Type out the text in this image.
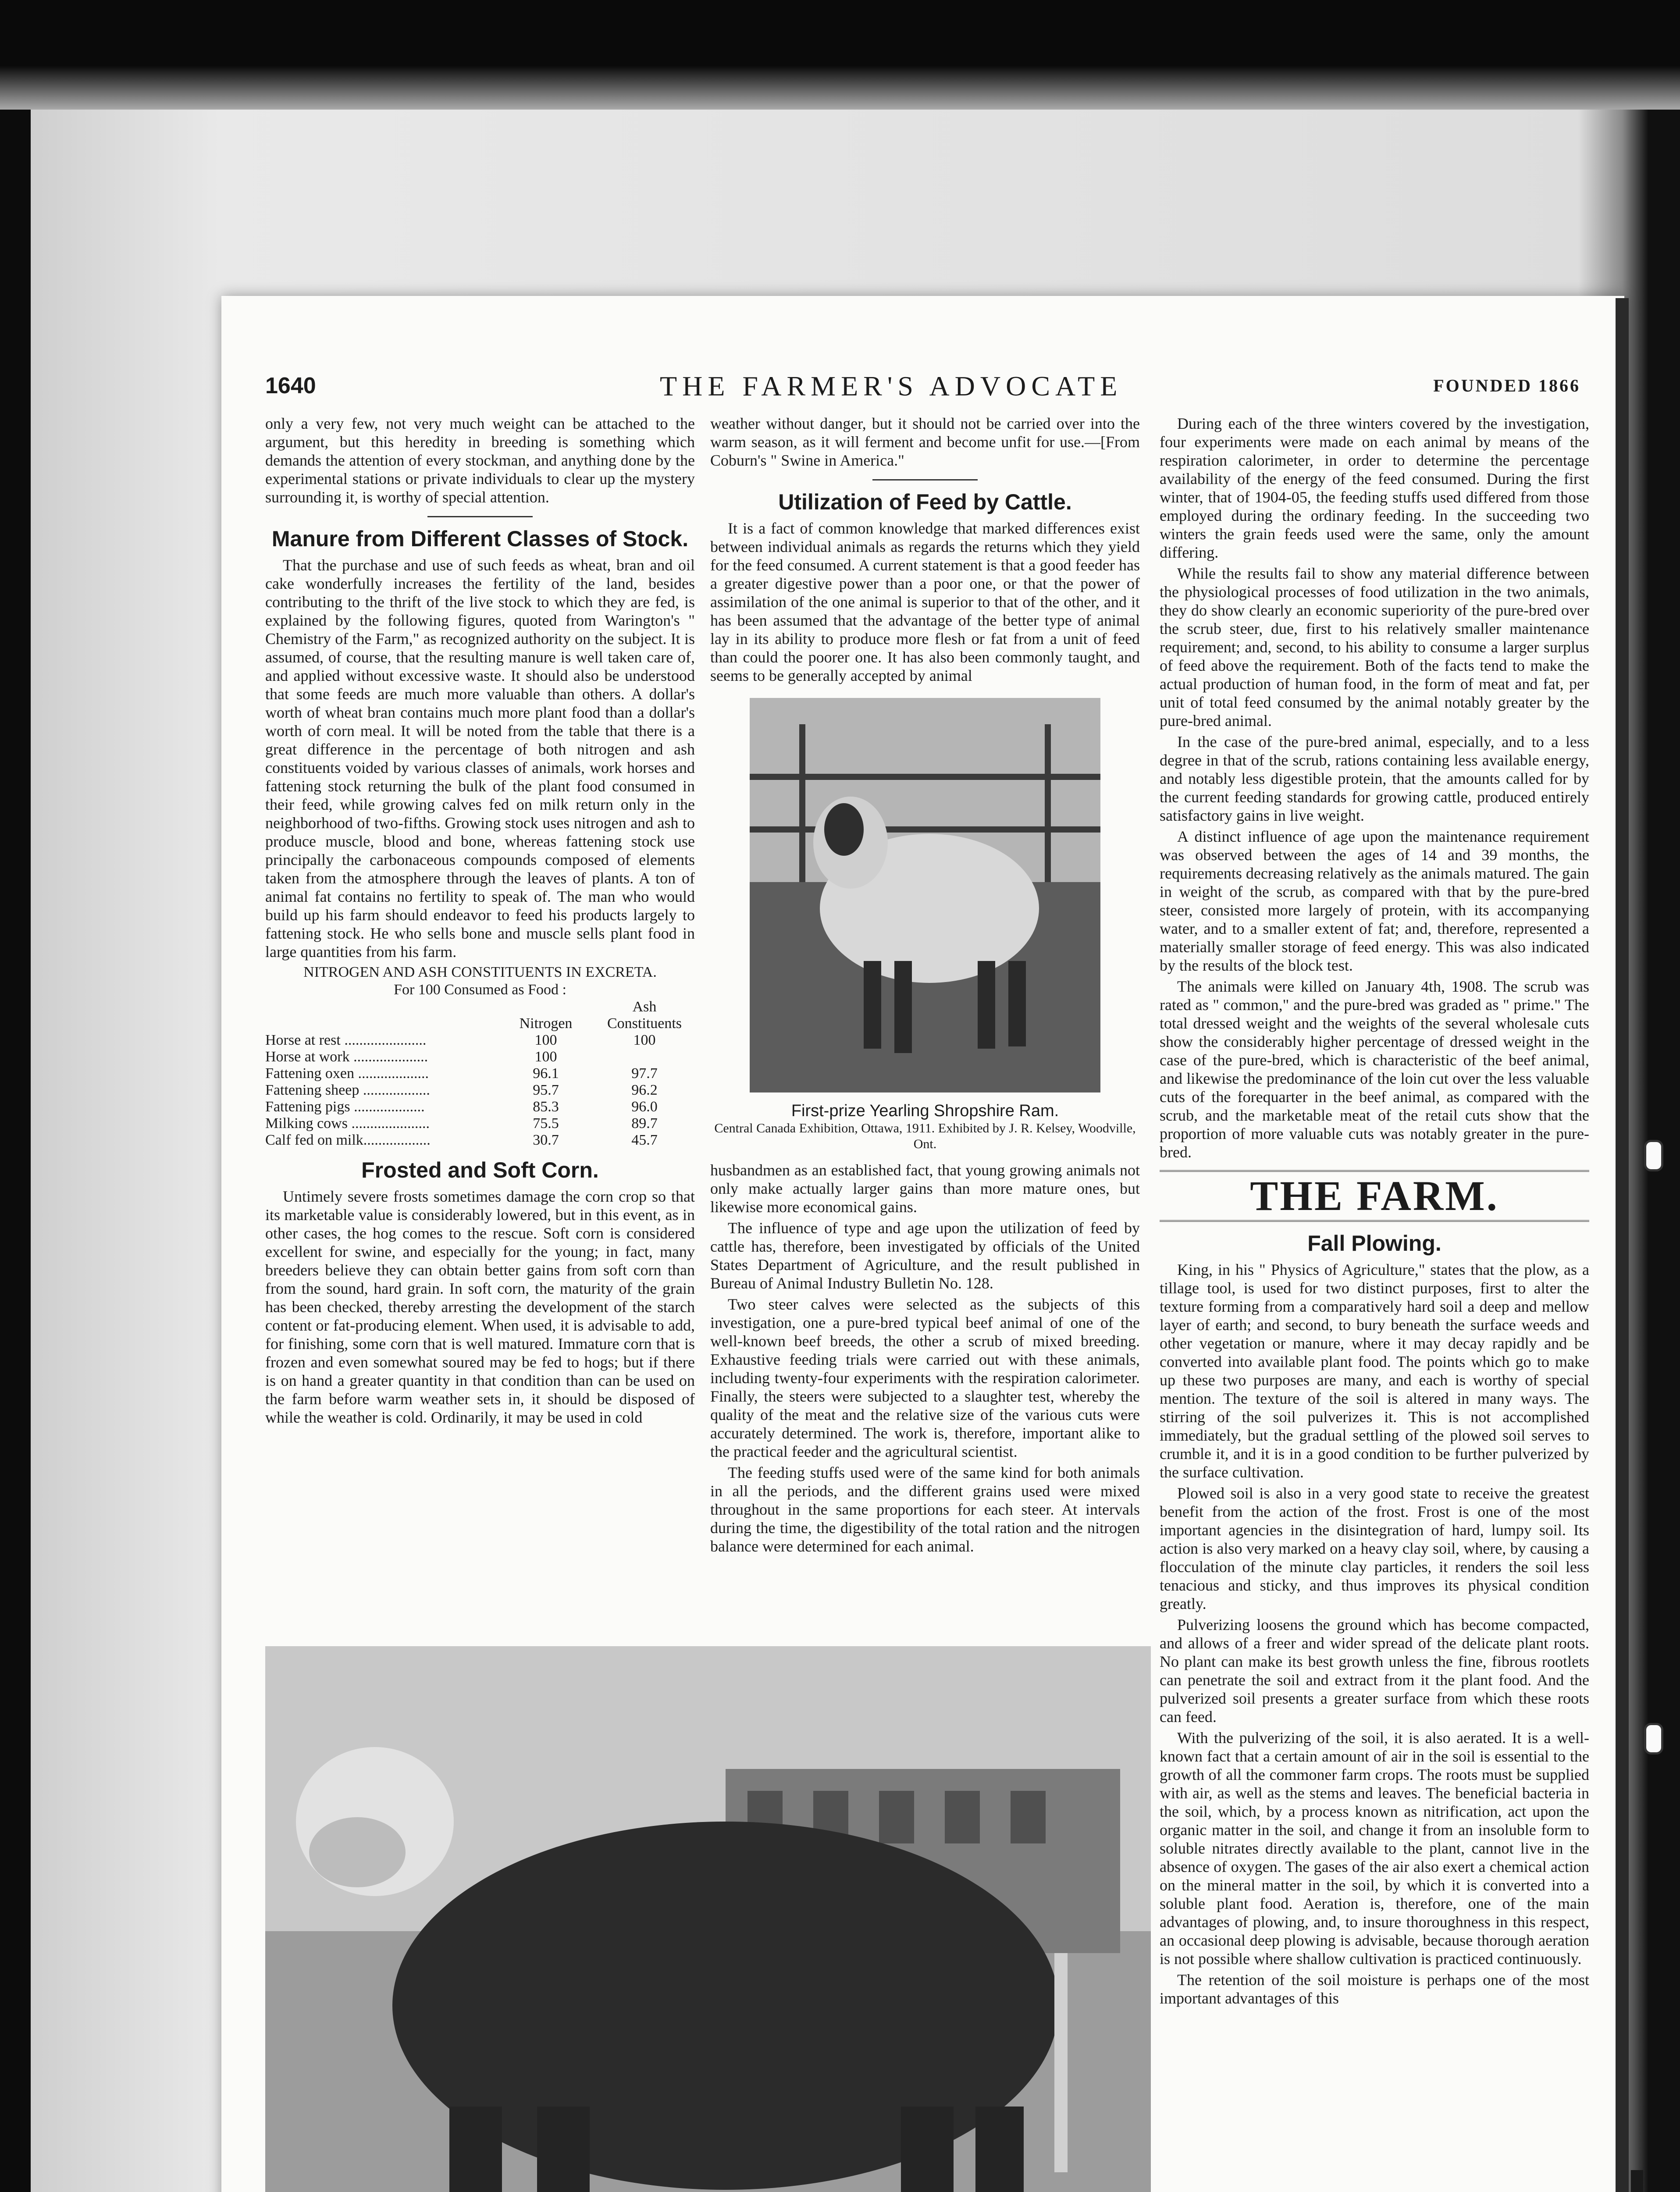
1640	THE FARMER'S ADVOCATE	FOUNDED 1866

only a very few, not very much weight can be attached to the argument, but this heredity in breeding is something which demands the attention of every stockman, and anything done by the experimental stations or private individuals to clear up the mystery surrounding it, is worthy of special attention.

Manure from Different Classes of Stock.

That the purchase and use of such feeds as wheat, bran and oil cake wonderfully increases the fertility of the land, besides contributing to the thrift of the live stock to which they are fed, is explained by the following figures, quoted from Warington's " Chemistry of the Farm," as recognized authority on the subject. It is assumed, of course, that the resulting manure is well taken care of, and applied without excessive waste. It should also be understood that some feeds are much more valuable than others. A dollar's worth of wheat bran contains much more plant food than a dollar's worth of corn meal. It will be noted from the table that there is a great difference in the percentage of both nitrogen and ash constituents voided by various classes of animals, work horses and fattening stock returning the bulk of the plant food consumed in their feed, while growing calves fed on milk return only in the neighborhood of two-fifths. Growing stock uses nitrogen and ash to produce muscle, blood and bone, whereas fattening stock use principally the carbonaceous compounds composed of elements taken from the atmosphere through the leaves of plants. A ton of animal fat contains no fertility to speak of. The man who would build up his farm should endeavor to feed his products largely to fattening stock. He who sells bone and muscle sells plant food in large quantities from his farm.

NITROGEN AND ASH CONSTITUENTS IN EXCRETA.
For 100 Consumed as Food :
		Ash
	Nitrogen	Constituents
Horse at rest ......................	100	100
Horse at work ....................	100	
Fattening oxen ...................	96.1	97.7
Fattening sheep ..................	95.7	96.2
Fattening pigs ...................	85.3	96.0
Milking cows .....................	75.5	89.7
Calf fed on milk..................	30.7	45.7
Frosted and Soft Corn.

Untimely severe frosts sometimes damage the corn crop so that its marketable value is considerably lowered, but in this event, as in other cases, the hog comes to the rescue. Soft corn is considered excellent for swine, and especially for the young; in fact, many breeders believe they can obtain better gains from soft corn than from the sound, hard grain. In soft corn, the maturity of the grain has been checked, thereby arresting the development of the starch content or fat-producing element. When used, it is advisable to add, for finishing, some corn that is well matured. Immature corn that is frozen and even somewhat soured may be fed to hogs; but if there is on hand a greater quantity in that condition than can be used on the farm before warm weather sets in, it should be disposed of while the weather is cold. Ordinarily, it may be used in cold

weather without danger, but it should not be carried over into the warm season, as it will ferment and become unfit for use.—[From Coburn's " Swine in America."

Utilization of Feed by Cattle.

It is a fact of common knowledge that marked differences exist between individual animals as regards the returns which they yield for the feed consumed. A current statement is that a good feeder has a greater digestive power than a poor one, or that the power of assimilation of the one animal is superior to that of the other, and it has been assumed that the advantage of the better type of animal lay in its ability to produce more flesh or fat from a unit of feed than could the poorer one. It has also been commonly taught, and seems to be generally accepted by animal

First-prize Yearling Shropshire Ram.
Central Canada Exhibition, Ottawa, 1911. Exhibited by J. R. Kelsey, Woodville, Ont.

husbandmen as an established fact, that young growing animals not only make actually larger gains than more mature ones, but likewise more economical gains.

The influence of type and age upon the utilization of feed by cattle has, therefore, been investigated by officials of the United States Department of Agriculture, and the result published in Bureau of Animal Industry Bulletin No. 128.

Two steer calves were selected as the subjects of this investigation, one a pure-bred typical beef animal of one of the well-known beef breeds, the other a scrub of mixed breeding. Exhaustive feeding trials were carried out with these animals, including twenty-four experiments with the respiration calorimeter. Finally, the steers were subjected to a slaughter test, whereby the quality of the meat and the relative size of the various cuts were accurately determined. The work is, therefore, important alike to the practical feeder and the agricultural scientist.

The feeding stuffs used were of the same kind for both animals in all the periods, and the different grains used were mixed throughout in the same proportions for each steer. At intervals during the time, the digestibility of the total ration and the nitrogen balance were determined for each animal.

During each of the three winters covered by the investigation, four experiments were made on each animal by means of the respiration calorimeter, in order to determine the percentage availability of the energy of the feed consumed. During the first winter, that of 1904-05, the feeding stuffs used differed from those employed during the ordinary feeding. In the succeeding two winters the grain feeds used were the same, only the amount differing.

While the results fail to show any material difference between the physiological processes of food utilization in the two animals, they do show clearly an economic superiority of the pure-bred over the scrub steer, due, first to his relatively smaller maintenance requirement; and, second, to his ability to consume a larger surplus of feed above the requirement. Both of the facts tend to make the actual production of human food, in the form of meat and fat, per unit of total feed consumed by the animal notably greater by the pure-bred animal.

In the case of the pure-bred animal, especially, and to a less degree in that of the scrub, rations containing less available energy, and notably less digestible protein, that the amounts called for by the current feeding standards for growing cattle, produced entirely satisfactory gains in live weight.

A distinct influence of age upon the maintenance requirement was observed between the ages of 14 and 39 months, the requirements decreasing relatively as the animals matured. The gain in weight of the scrub, as compared with that by the pure-bred steer, consisted more largely of protein, with its accompanying water, and to a smaller extent of fat; and, therefore, represented a materially smaller storage of feed energy. This was also indicated by the results of the block test.

The animals were killed on January 4th, 1908. The scrub was rated as " common," and the pure-bred was graded as " prime." The total dressed weight and the weights of the several wholesale cuts show the considerably higher percentage of dressed weight in the case of the pure-bred, which is characteristic of the beef animal, and likewise the predominance of the loin cut over the less valuable cuts of the forequarter in the beef animal, as compared with the scrub, and the marketable meat of the retail cuts show that the proportion of more valuable cuts was notably greater in the pure-bred.

THE FARM.
Fall Plowing.

King, in his " Physics of Agriculture," states that the plow, as a tillage tool, is used for two distinct purposes, first to alter the texture forming from a comparatively hard soil a deep and mellow layer of earth; and second, to bury beneath the surface weeds and other vegetation or manure, where it may decay rapidly and be converted into available plant food. The points which go to make up these two purposes are many, and each is worthy of special mention. The texture of the soil is altered in many ways. The stirring of the soil pulverizes it. This is not accomplished immediately, but the gradual settling of the plowed soil serves to crumble it, and it is in a good condition to be further pulverized by the surface cultivation.

Plowed soil is also in a very good state to receive the greatest benefit from the action of the frost. Frost is one of the most important agencies in the disintegration of hard, lumpy soil. Its action is also very marked on a heavy clay soil, where, by causing a flocculation of the minute clay particles, it renders the soil less tenacious and sticky, and thus improves its physical condition greatly.

Pulverizing loosens the ground which has become compacted, and allows of a freer and wider spread of the delicate plant roots. No plant can make its best growth unless the fine, fibrous rootlets can penetrate the soil and extract from it the plant food. And the pulverized soil presents a greater surface from which these roots can feed.

With the pulverizing of the soil, it is also aerated. It is a well-known fact that a certain amount of air in the soil is essential to the growth of all the commoner farm crops. The roots must be supplied with air, as well as the stems and leaves. The beneficial bacteria in the soil, which, by a process known as nitrification, act upon the organic matter in the soil, and change it from an insoluble form to soluble nitrates directly available to the plant, cannot live in the absence of oxygen. The gases of the air also exert a chemical action on the mineral matter in the soil, by which it is converted into a soluble plant food. Aeration is, therefore, one of the main advantages of plowing, and, to insure thoroughness in this respect, an occasional deep plowing is advisable, because thorough aeration is not possible where shallow cultivation is practiced continuously.

The retention of the soil moisture is perhaps one of the most important advantages of this
